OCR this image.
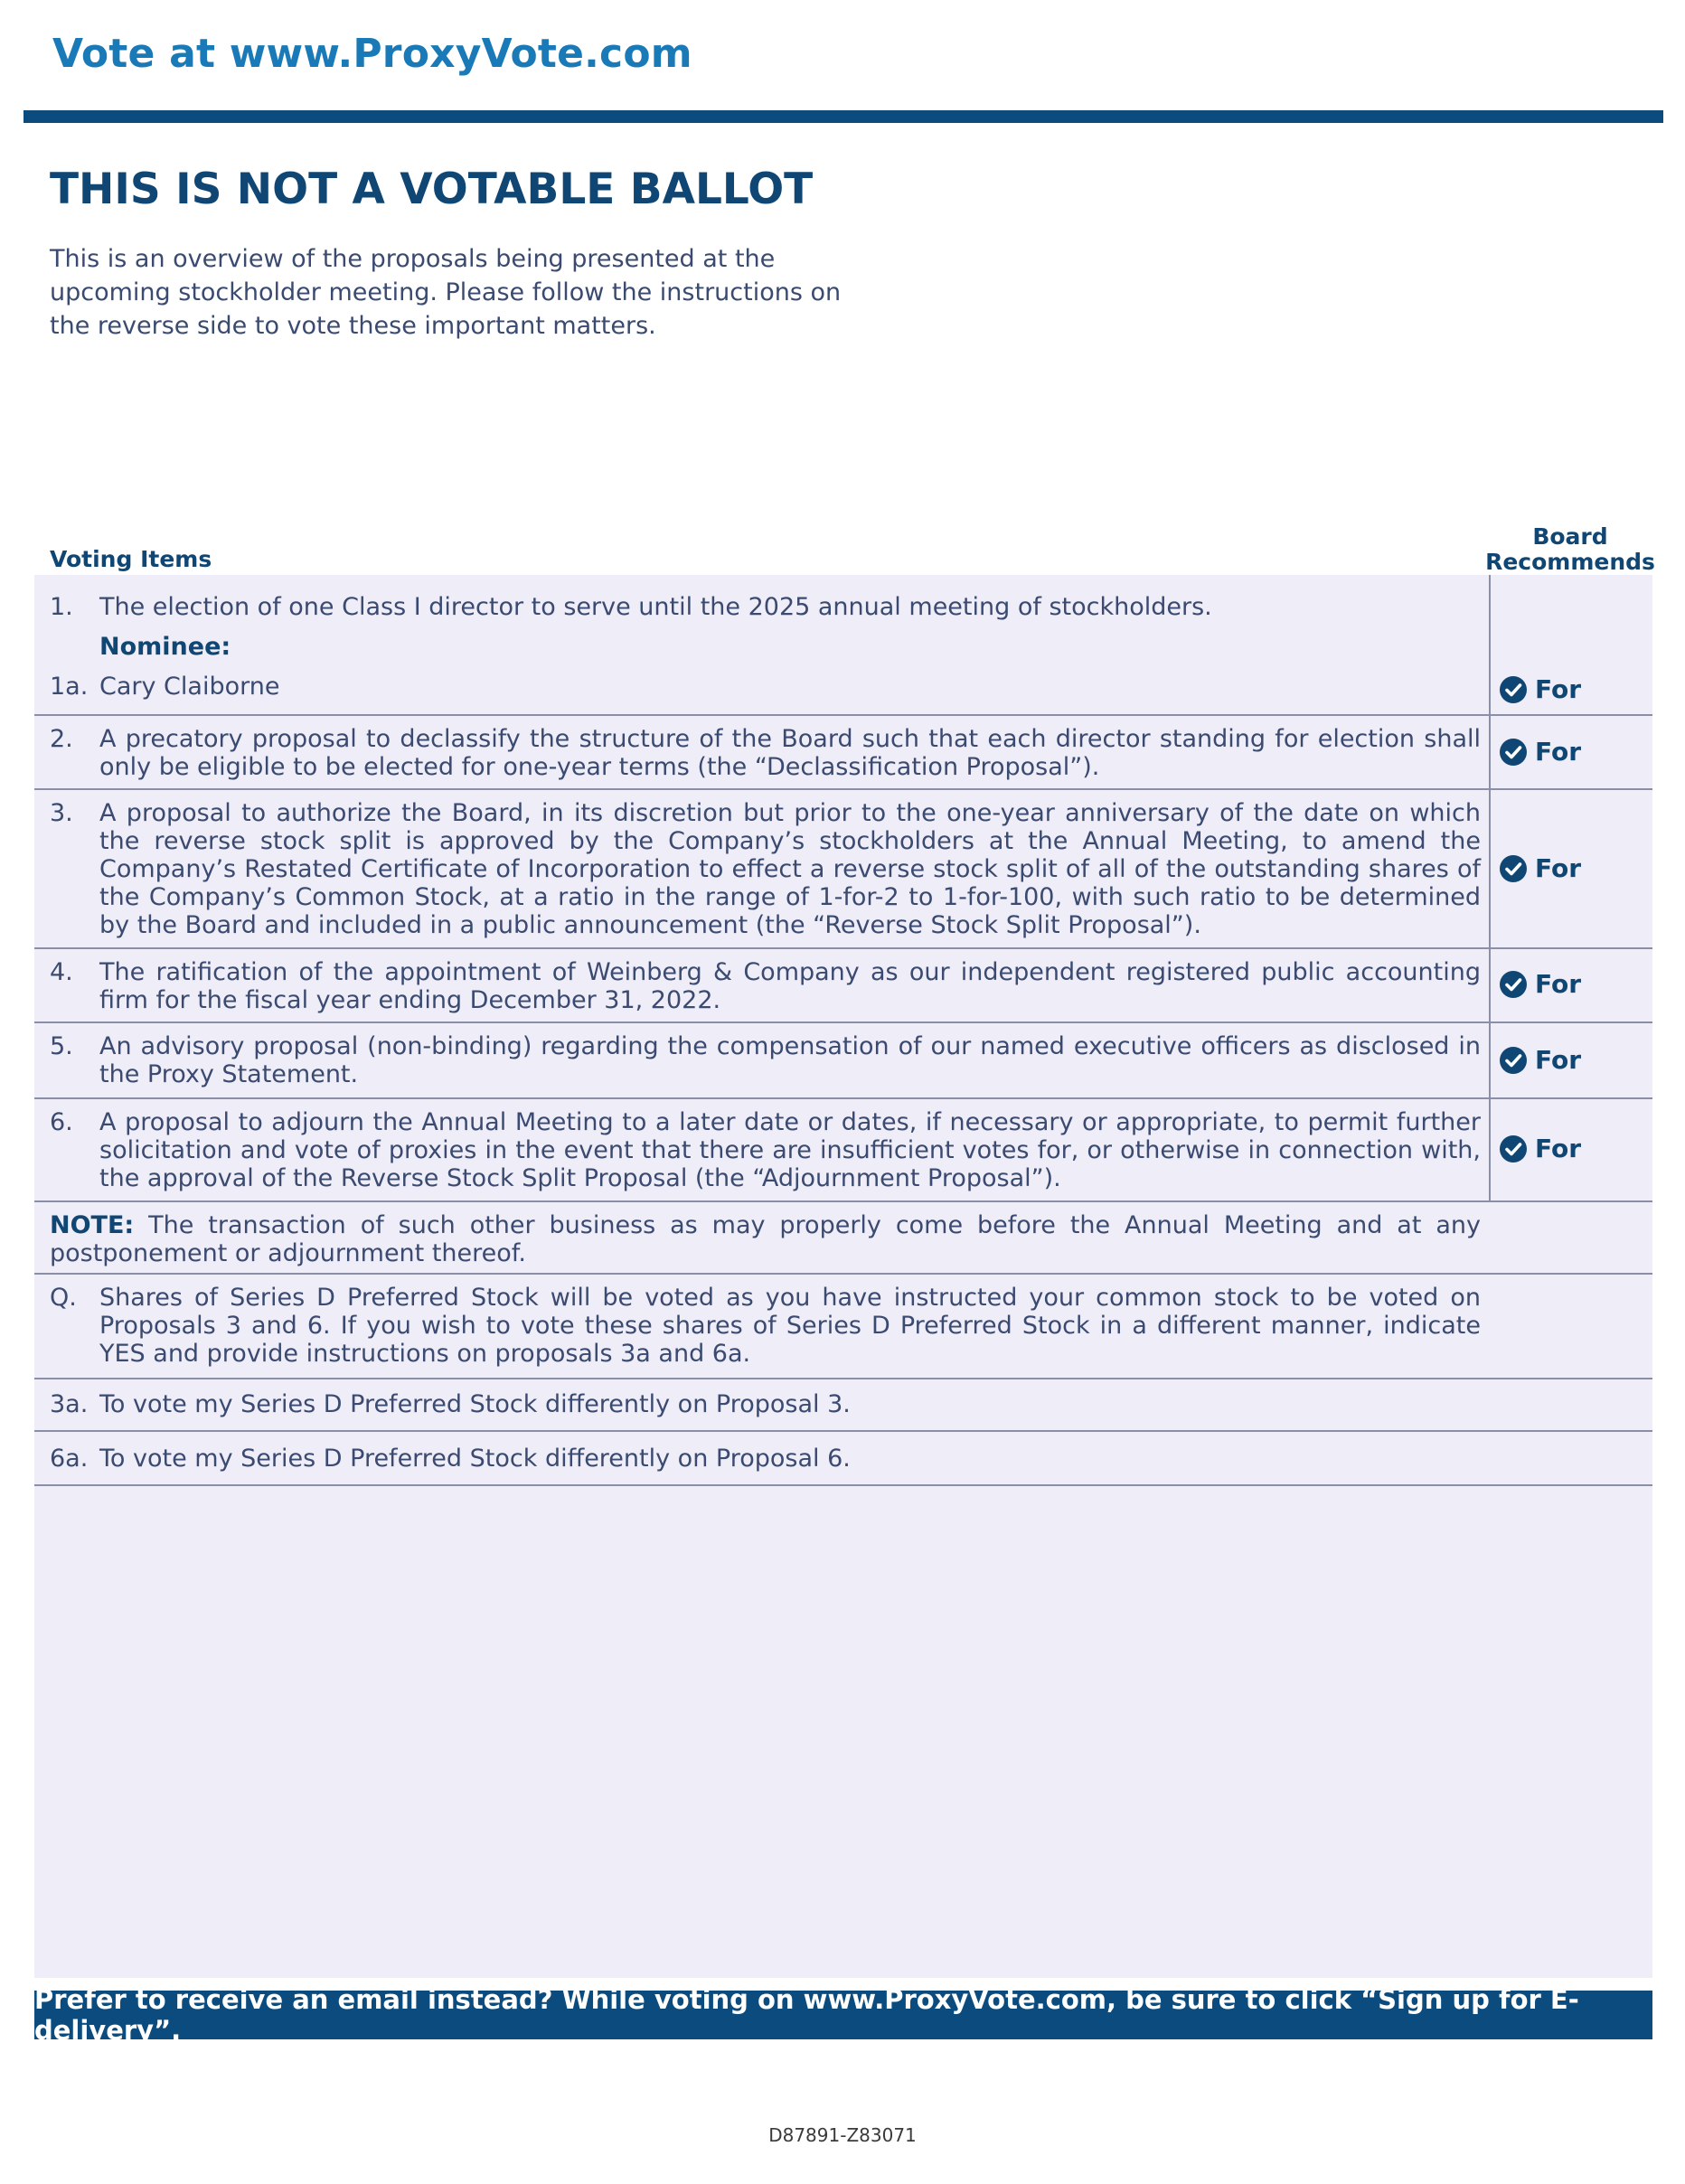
Vote at www.ProxyVote.com
THIS IS NOT A VOTABLE BALLOT
This is an overview of the proposals being presented at the upcoming stockholder meeting. Please follow the instructions on the reverse side to vote these important matters.
Voting Items
Board
Recommends
1. The election of one Class I director to serve until the 2025 annual meeting of stockholders.
Nominee:
1a. Cary Claiborne	For
2. A precatory proposal to declassify the structure of the Board such that each director standing for election shall only be eligible to be elected for one-year terms (the “Declassification Proposal”).
For
3. A proposal to authorize the Board, in its discretion but prior to the one-year anniversary of the date on which the reverse stock split is approved by the Company’s stockholders at the Annual Meeting, to amend the Company’s Restated Certificate of Incorporation to effect a reverse stock split of all of the outstanding shares of the Company’s Common Stock, at a ratio in the range of 1-for-2 to 1-for-100, with such ratio to be determined by the Board and included in a public announcement (the “Reverse Stock Split Proposal”).
For
4. The ratification of the appointment of Weinberg & Company as our independent registered public accounting firm for the fiscal year ending December 31, 2022.
For
5. An advisory proposal (non-binding) regarding the compensation of our named executive officers as disclosed in the Proxy Statement.	For
6. A proposal to adjourn the Annual Meeting to a later date or dates, if necessary or appropriate, to permit further solicitation and vote of proxies in the event that there are insufficient votes for, or otherwise in connection with, the approval of the Reverse Stock Split Proposal (the “Adjournment Proposal”).
For
NOTE: The transaction of such other business as may properly come before the Annual Meeting and at any postponement or adjournment thereof.
Q. Shares of Series D Preferred Stock will be voted as you have instructed your common stock to be voted on Proposals 3 and 6. If you wish to vote these shares of Series D Preferred Stock in a different manner, indicate YES and provide instructions on proposals 3a and 6a.
3a. To vote my Series D Preferred Stock differently on Proposal 3.
6a. To vote my Series D Preferred Stock differently on Proposal 6.
Prefer to receive an email instead? While voting on www.ProxyVote.com, be sure to click “Sign up for E-delivery”.
D87891-Z83071
